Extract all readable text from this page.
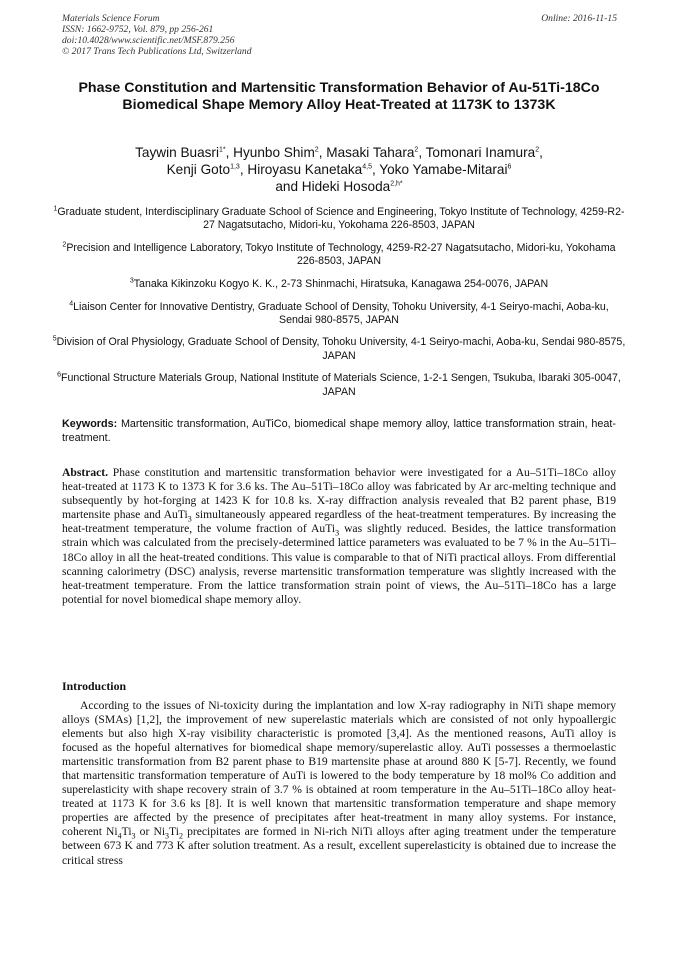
Materials Science Forum
ISSN: 1662-9752, Vol. 879, pp 256-261
doi:10.4028/www.scientific.net/MSF.879.256
© 2017 Trans Tech Publications Ltd, Switzerland
Online: 2016-11-15
Phase Constitution and Martensitic Transformation Behavior of Au-51Ti-18Co Biomedical Shape Memory Alloy Heat-Treated at 1173K to 1373K
Taywin Buasri$^{1*}$, Hyunbo Shim$^2$, Masaki Tahara$^2$, Tomonari Inamura$^2$,
Kenji Goto$^{1,3}$, Hiroyasu Kanetaka$^{4,5}$, Yoko Yamabe-Mitarai$^6$
and Hideki Hosoda$^{2,h*}$
$^1$Graduate student, Interdisciplinary Graduate School of Science and Engineering, Tokyo Institute of Technology, 4259-R2-27 Nagatsutacho, Midori-ku, Yokohama 226-8503, JAPAN
$^2$Precision and Intelligence Laboratory, Tokyo Institute of Technology, 4259-R2-27 Nagatsutacho, Midori-ku, Yokohama 226-8503, JAPAN
$^3$Tanaka Kikinzoku Kogyo K. K., 2-73 Shinmachi, Hiratsuka, Kanagawa 254-0076, JAPAN
$^4$Liaison Center for Innovative Dentistry, Graduate School of Density, Tohoku University, 4-1 Seiryo-machi, Aoba-ku, Sendai 980-8575, JAPAN
$^5$Division of Oral Physiology, Graduate School of Density, Tohoku University, 4-1 Seiryo-machi, Aoba-ku, Sendai 980-8575, JAPAN
$^6$Functional Structure Materials Group, National Institute of Materials Science, 1-2-1 Sengen, Tsukuba, Ibaraki 305-0047, JAPAN
Keywords: Martensitic transformation, AuTiCo, biomedical shape memory alloy, lattice transformation strain, heat-treatment.
Abstract. Phase constitution and martensitic transformation behavior were investigated for a Au–51Ti–18Co alloy heat-treated at 1173 K to 1373 K for 3.6 ks. The Au–51Ti–18Co alloy was fabricated by Ar arc-melting technique and subsequently by hot-forging at 1423 K for 10.8 ks. X-ray diffraction analysis revealed that B2 parent phase, B19 martensite phase and AuTi$_3$ simultaneously appeared regardless of the heat-treatment temperatures. By increasing the heat-treatment temperature, the volume fraction of AuTi$_3$ was slightly reduced. Besides, the lattice transformation strain which was calculated from the precisely-determined lattice parameters was evaluated to be 7 % in the Au–51Ti–18Co alloy in all the heat-treated conditions. This value is comparable to that of NiTi practical alloys. From differential scanning calorimetry (DSC) analysis, reverse martensitic transformation temperature was slightly increased with the heat-treatment temperature. From the lattice transformation strain point of views, the Au–51Ti–18Co has a large potential for novel biomedical shape memory alloy.
Introduction
According to the issues of Ni-toxicity during the implantation and low X-ray radiography in NiTi shape memory alloys (SMAs) [1,2], the improvement of new superelastic materials which are consisted of not only hypoallergic elements but also high X-ray visibility characteristic is promoted [3,4]. As the mentioned reasons, AuTi alloy is focused as the hopeful alternatives for biomedical shape memory/superelastic alloy. AuTi possesses a thermoelastic martensitic transformation from B2 parent phase to B19 martensite phase at around 880 K [5-7]. Recently, we found that martensitic transformation temperature of AuTi is lowered to the body temperature by 18 mol% Co addition and superelasticity with shape recovery strain of 3.7 % is obtained at room temperature in the Au–51Ti–18Co alloy heat-treated at 1173 K for 3.6 ks [8]. It is well known that martensitic transformation temperature and shape memory properties are affected by the presence of precipitates after heat-treatment in many alloy systems. For instance, coherent $Ni_4Ti_3$ or $Ni_3Ti_2$ precipitates are formed in Ni-rich NiTi alloys after aging treatment under the temperature between 673 K and 773 K after solution treatment. As a result, excellent superelasticity is obtained due to increase the critical stress
